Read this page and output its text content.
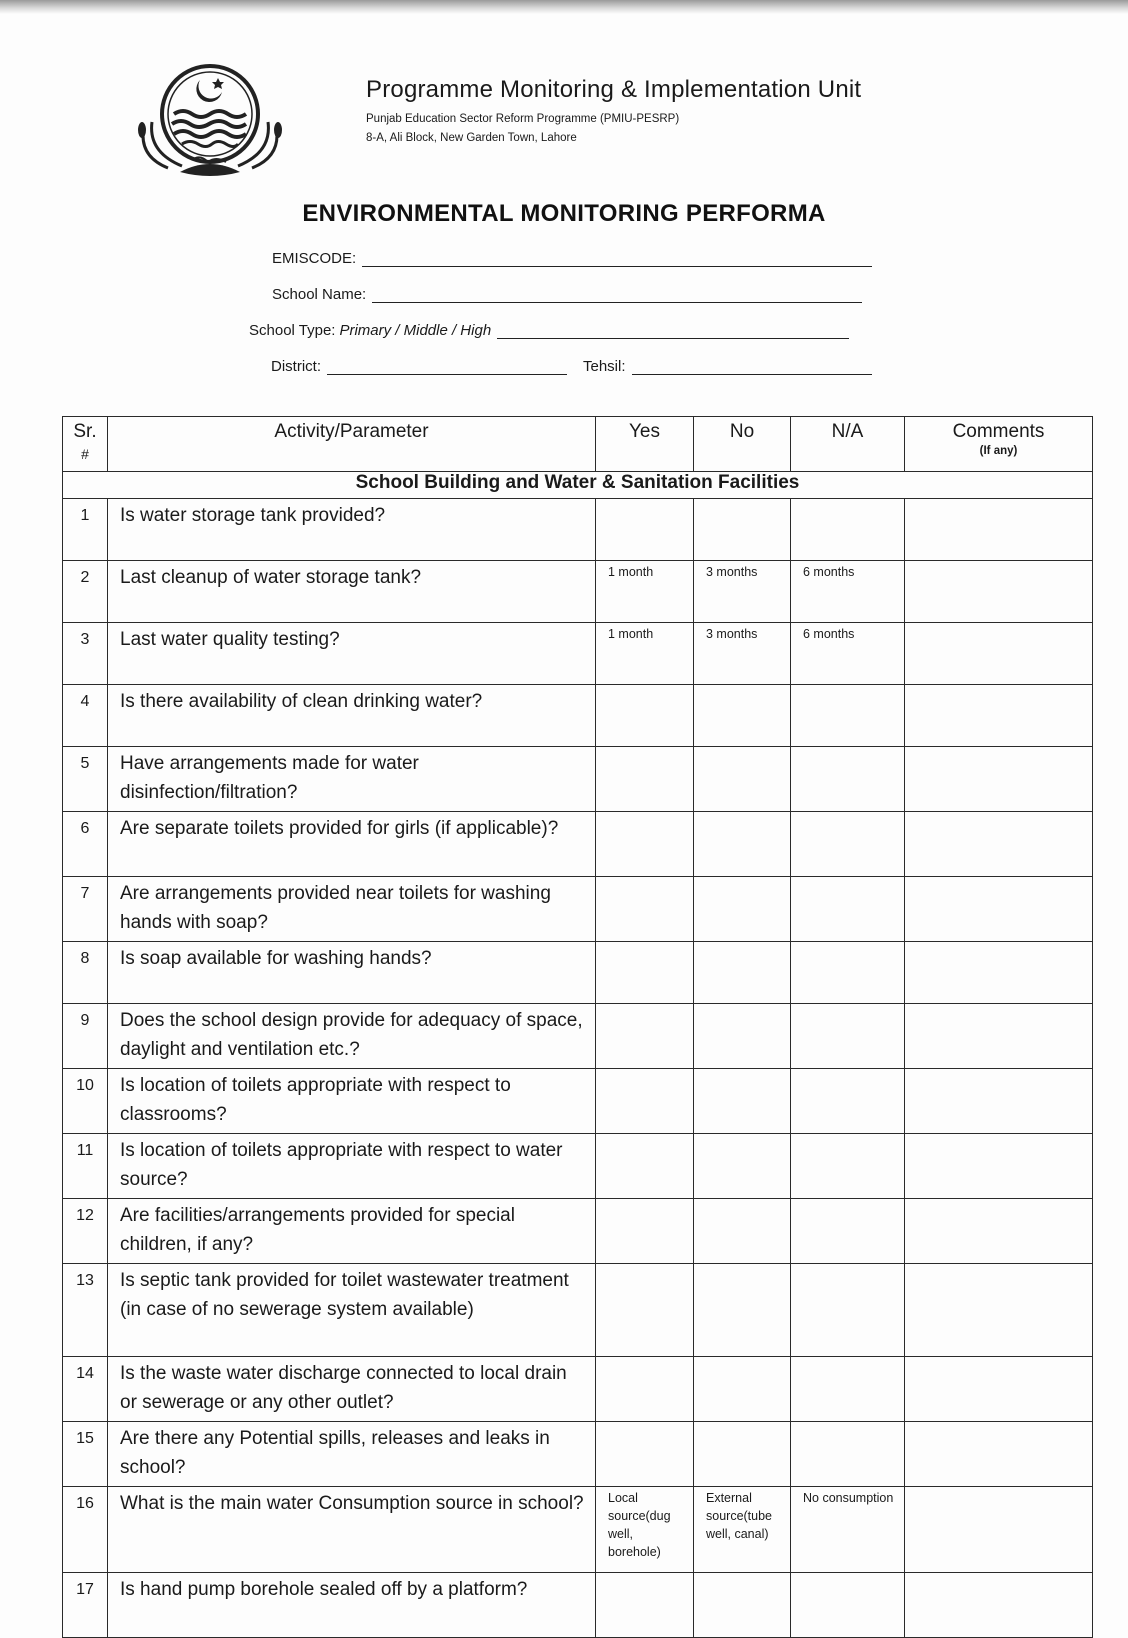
Programme Monitoring & Implementation Unit
Punjab Education Sector Reform Programme (PMIU-PESRP)
8-A, Ali Block, New Garden Town, Lahore
ENVIRONMENTAL MONITORING PERFORMA
EMISCODE:
School Name:
School Type: Primary / Middle / High
District:	Tehsil:
Sr.
#	Activity/Parameter	Yes	No	N/A	Comments
(If any)

School Building and Water & Sanitation Facilities					
1	Is water storage tank provided?				
2	Last cleanup of water storage tank?	1 month	3 months	6 months	
3	Last water quality testing?	1 month	3 months	6 months	
4	Is there availability of clean drinking water?				
5	Have arrangements made for water disinfection/filtration?				
6	Are separate toilets provided for girls (if applicable)?				
7	Are arrangements provided near toilets for washing hands with soap?				
8	Is soap available for washing hands?				
9	Does the school design provide for adequacy of space, daylight and ventilation etc.?				
10	Is location of toilets appropriate with respect to classrooms?				
11	Is location of toilets appropriate with respect to water source?				
12	Are facilities/arrangements provided for special children, if any?				
13	Is septic tank provided for toilet wastewater treatment (in case of no sewerage system available)				
14	Is the waste water discharge connected to local drain or sewerage or any other outlet?				
15	Are there any Potential spills, releases and leaks in school?				
16	What is the main water Consumption source in school?	Local source(dug well, borehole)	External source(tube well, canal)	No consumption	
17	Is hand pump borehole sealed off by a platform?				
